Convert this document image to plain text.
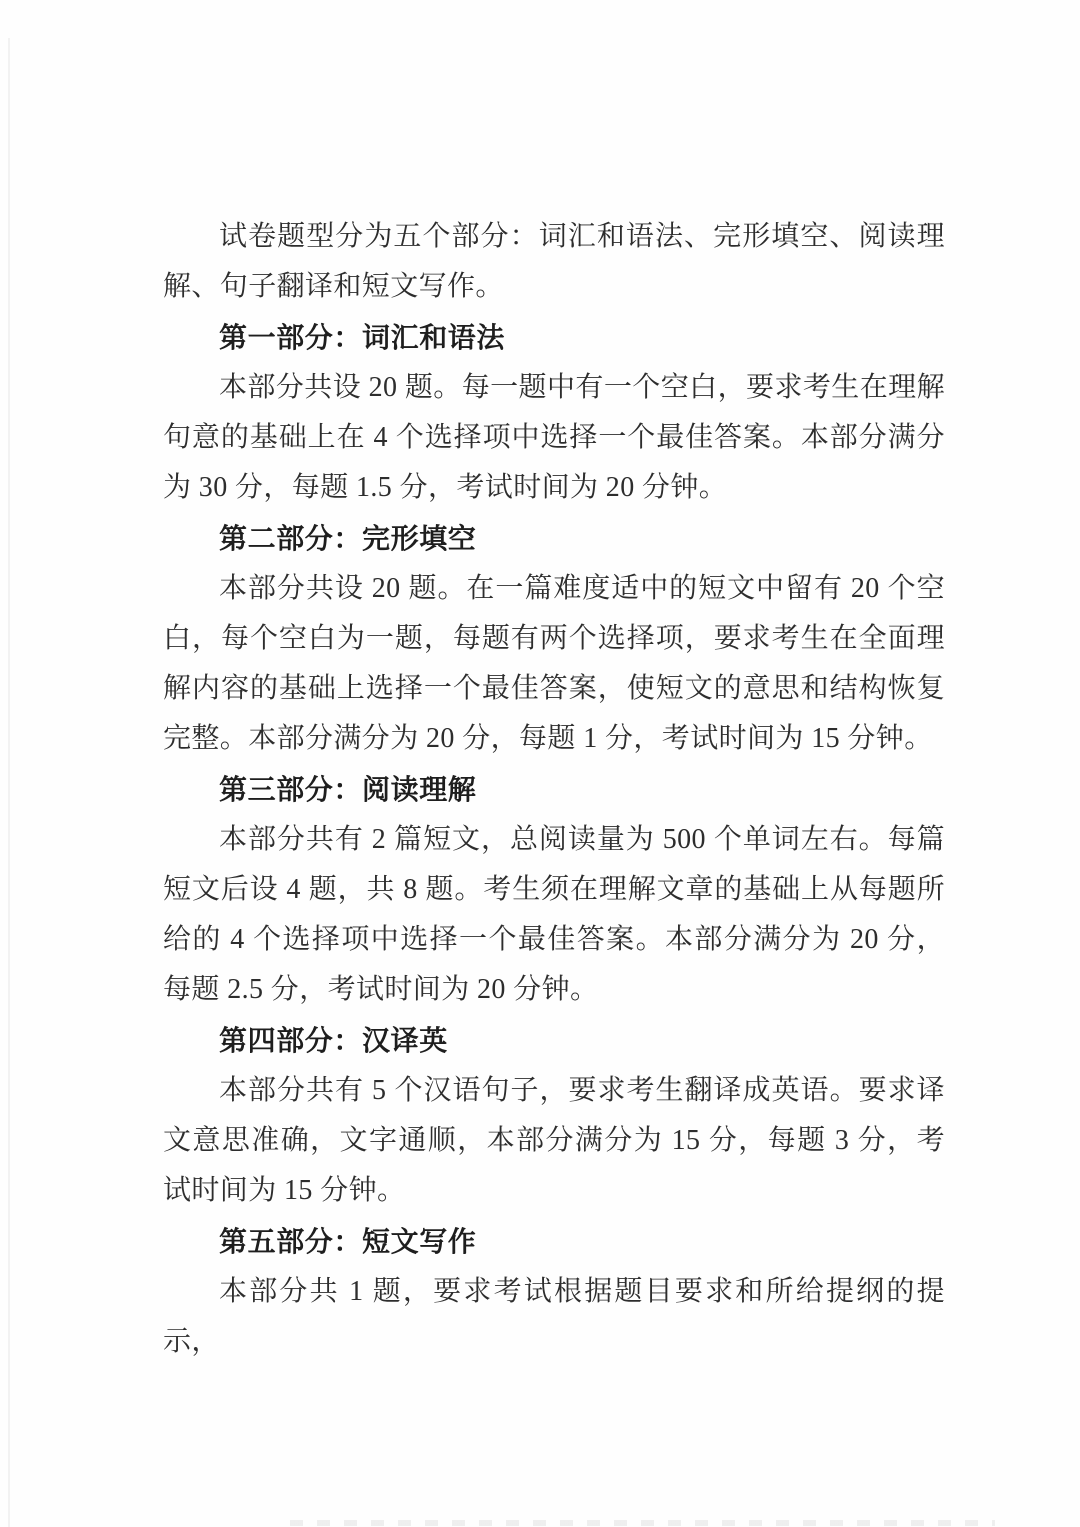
试卷题型分为五个部分：词汇和语法、完形填空、阅读理解、句子翻译和短文写作。

第一部分：词汇和语法

本部分共设 20 题。每一题中有一个空白，要求考生在理解句意的基础上在 4 个选择项中选择一个最佳答案。本部分满分为 30 分，每题 1.5 分，考试时间为 20 分钟。

第二部分：完形填空

本部分共设 20 题。在一篇难度适中的短文中留有 20 个空白，每个空白为一题，每题有两个选择项，要求考生在全面理解内容的基础上选择一个最佳答案，使短文的意思和结构恢复完整。本部分满分为 20 分，每题 1 分，考试时间为 15 分钟。

第三部分：阅读理解

本部分共有 2 篇短文，总阅读量为 500 个单词左右。每篇短文后设 4 题，共 8 题。考生须在理解文章的基础上从每题所给的 4 个选择项中选择一个最佳答案。本部分满分为 20 分，每题 2.5 分，考试时间为 20 分钟。

第四部分：汉译英

本部分共有 5 个汉语句子，要求考生翻译成英语。要求译文意思准确，文字通顺，本部分满分为 15 分，每题 3 分，考试时间为 15 分钟。

第五部分：短文写作

本部分共 1 题，要求考试根据题目要求和所给提纲的提示，
